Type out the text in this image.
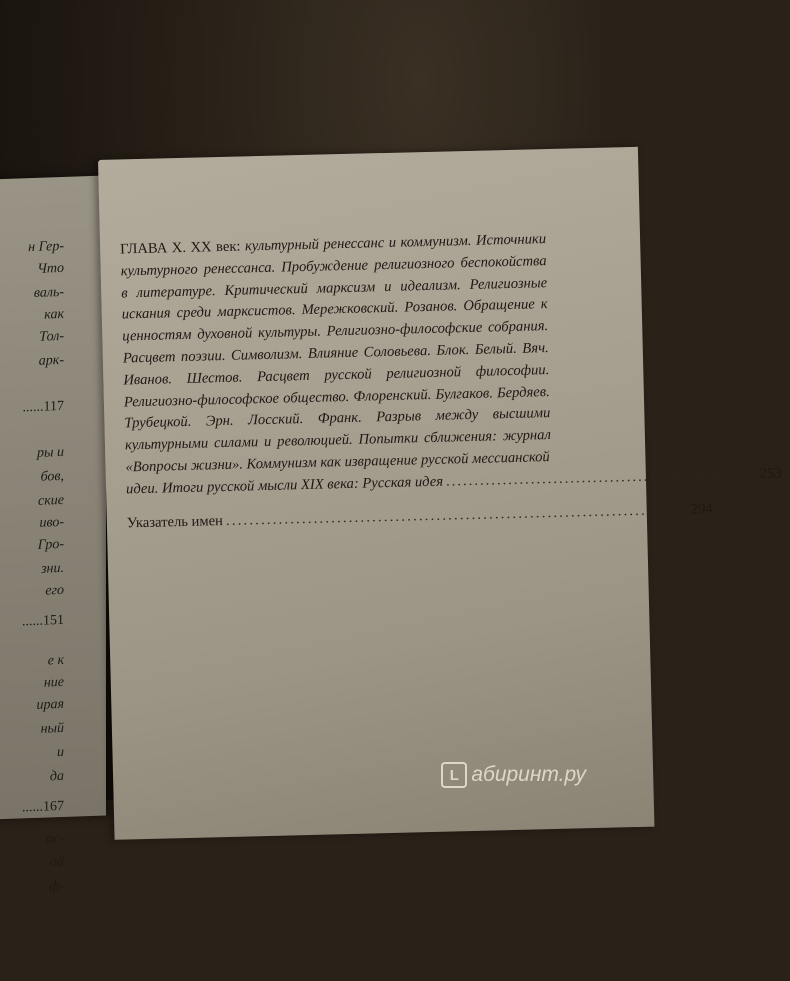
н Гер-
Что
валь-
как
Тол-
арк-
......117
ры и
бов,
ские
иво-
Гро-
зни.
его
......151
е к
ние
ирая
ный
и
да
......167
ос-
ой
ф-
ГЛАВА X. XX век: культурный ренессанс и коммунизм. Источники культурного ренессанса. Пробуждение религиозного беспокойства в литературе. Критический марксизм и идеализм. Религиозные искания среди марксистов. Мережковский. Розанов. Обращение к ценностям духовной культуры. Религиозно-философские собрания. Расцвет поэзии. Символизм. Влияние Соловьева. Блок. Белый. Вяч. Иванов. Шестов. Расцвет русской религиозной философии. Религиозно-философское общество. Флоренский. Булгаков. Бердяев. Трубецкой. Эрн. Лосский. Франк. Разрыв между высшими культурными силами и революцией. Попытки сближения: журнал «Вопросы жизни». Коммунизм как извращение русской мессианской
идеи. Итоги русской мысли XIX века: Русская идея ....................................................... 253
Указатель имен ............................................................................... 294
L абиринт.ру
